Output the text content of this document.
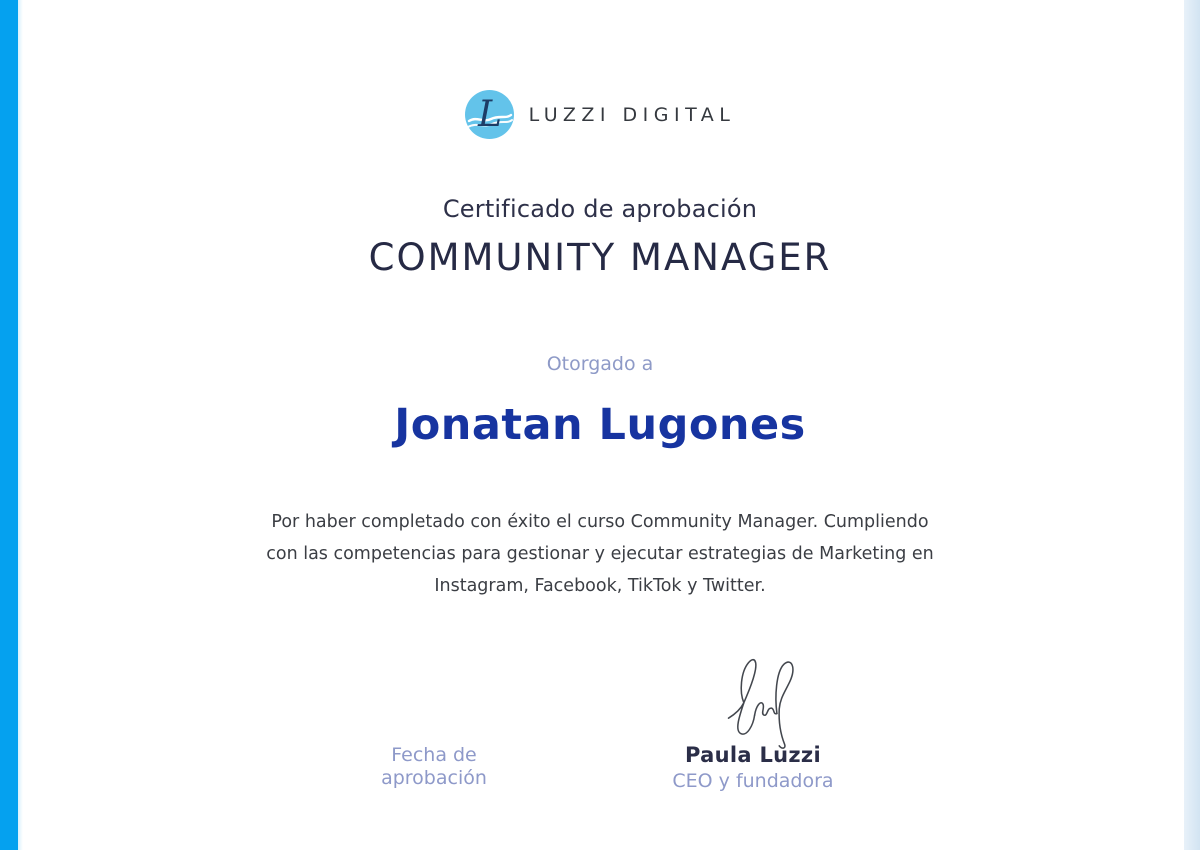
L LUZZI DIGITAL
Certificado de aprobación
COMMUNITY MANAGER
Otorgado a
Jonatan Lugones
Por haber completado con éxito el curso Community Manager. Cumpliendo
con las competencias para gestionar y ejecutar estrategias de Marketing en
Instagram, Facebook, TikTok y Twitter.
Fecha de
aprobación
Paula Luzzi
CEO y fundadora
